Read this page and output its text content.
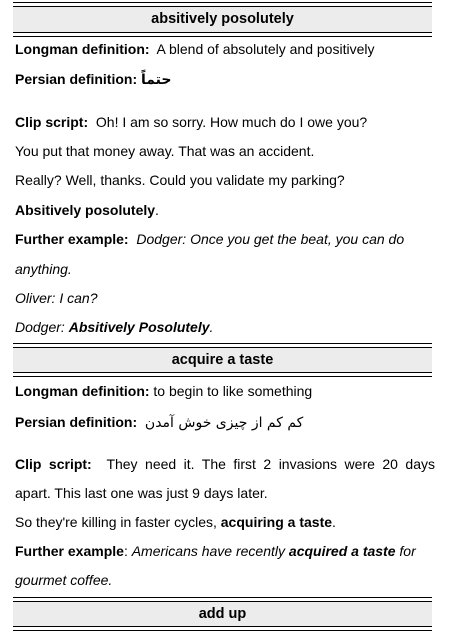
absitively posolutely
Longman definition: A blend of absolutely and positively
Persian definition: حتماً
Clip script: Oh! I am so sorry. How much do I owe you?
You put that money away. That was an accident.
Really? Well, thanks. Could you validate my parking?
Absitively posolutely.
Further example: Dodger: Once you get the beat, you can do
anything.
Oliver: I can?
Dodger: Absitively Posolutely.
acquire a taste
Longman definition: to begin to like something
Persian definition: کم کم از چیزی خوش آمدن
Clip script: They need it. The first 2 invasions were 20 days
apart. This last one was just 9 days later.
So they're killing in faster cycles, acquiring a taste.
Further example: Americans have recently acquired a taste for
gourmet coffee.
add up
